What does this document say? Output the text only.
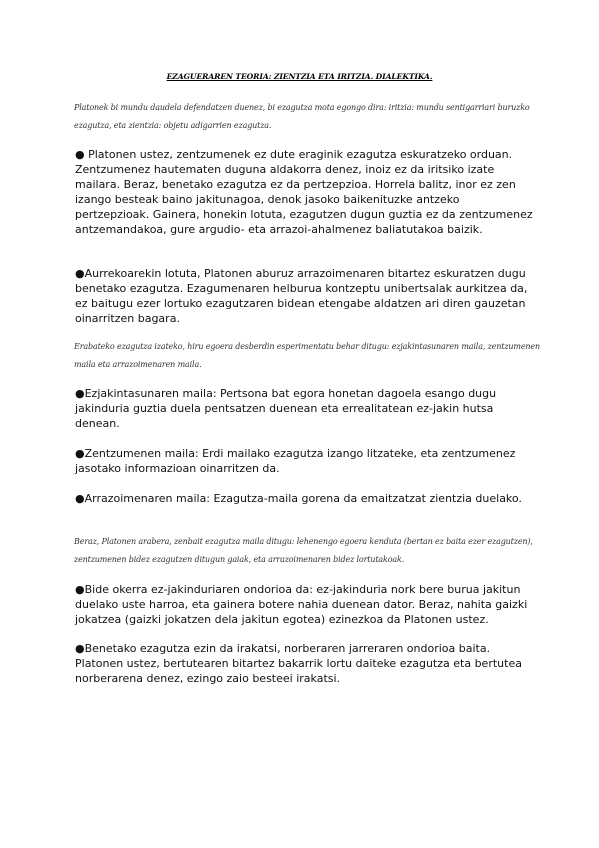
EZAGUERAREN TEORIA: ZIENTZIA ETA IRITZIA. DIALEKTIKA.
Platonek bi mundu daudela defendatzen duenez, bi ezagutza mota egongo dira: iritzia: mundu sentigarriari buruzko ezagutza, eta zientzia: objetu adigarrien ezagutza.
● Platonen ustez, zentzumenek ez dute eraginik ezagutza eskuratzeko orduan. Zentzumenez hautematen duguna aldakorra denez, inoiz ez da iritsiko izate mailara. Beraz, benetako ezagutza ez da pertzepzioa. Horrela balitz, inor ez zen izango besteak baino jakitunagoa, denok jasoko baikenituzke antzeko pertzepzioak. Gainera, honekin lotuta, ezagutzen dugun guztia ez da zentzumenez antzemandakoa, gure argudio- eta arrazoi-ahalmenez baliatutakoa baizik.
●Aurrekoarekin lotuta, Platonen aburuz arrazoimenaren bitartez eskuratzen dugu benetako ezagutza. Ezagumenaren helburua kontzeptu unibertsalak aurkitzea da, ez baitugu ezer lortuko ezagutzaren bidean etengabe aldatzen ari diren gauzetan oinarritzen bagara.
Erabateko ezagutza izateko, hiru egoera desberdin esperimentatu behar ditugu: ezjakintasunaren maila, zentzumenen maila eta arrazoimenaren maila.
●Ezjakintasunaren maila: Pertsona bat egora honetan dagoela esango dugu jakinduria guztia duela pentsatzen duenean eta errealitatean ez-jakin hutsa denean.
●Zentzumenen maila: Erdi mailako ezagutza izango litzateke, eta zentzumenez jasotako informazioan oinarritzen da.
●Arrazoimenaren maila: Ezagutza-maila gorena da emaitzatzat zientzia duelako.
Beraz, Platonen arabera, zenbait ezagutza maila ditugu: lehenengo egoera kenduta (bertan ez baita ezer ezagutzen), zentzumenen bidez ezagutzen ditugun gaiak, eta arrazoimenaren bidez lortutakoak.
●Bide okerra ez-jakinduriaren ondorioa da: ez-jakinduria nork bere burua jakitun duelako uste harroa, eta gainera botere nahia duenean dator. Beraz, nahita gaizki jokatzea (gaizki jokatzen dela jakitun egotea) ezinezkoa da Platonen ustez.
●Benetako ezagutza ezin da irakatsi, norberaren jarreraren ondorioa baita. Platonen ustez, bertutearen bitartez bakarrik lortu daiteke ezagutza eta bertutea norberarena denez, ezingo zaio besteei irakatsi.
